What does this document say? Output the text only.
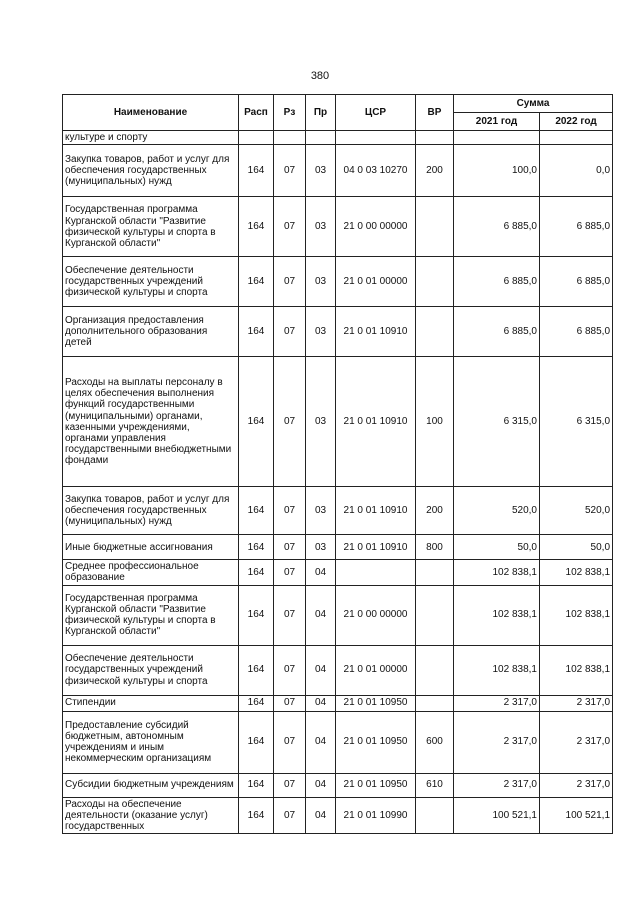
380
Наименование	Расп	Рз	Пр	ЦСР	ВР	Сумма	
						2021 год	2022 год
культуре и спорту							
Закупка товаров, работ и услуг для обеспечения государственных (муниципальных) нужд	164	07	03	04 0 03 10270	200	100,0	0,0
Государственная программа Курганской области "Развитие физической культуры и спорта в Курганской области"	164	07	03	21 0 00 00000		6 885,0	6 885,0
Обеспечение деятельности государственных учреждений физической культуры и спорта	164	07	03	21 0 01 00000		6 885,0	6 885,0
Организация предоставления дополнительного образования детей	164	07	03	21 0 01 10910		6 885,0	6 885,0
Расходы на выплаты персоналу в целях обеспечения выполнения функций государственными (муниципальными) органами, казенными учреждениями, органами управления государственными внебюджетными фондами	164	07	03	21 0 01 10910	100	6 315,0	6 315,0
Закупка товаров, работ и услуг для обеспечения государственных (муниципальных) нужд	164	07	03	21 0 01 10910	200	520,0	520,0
Иные бюджетные ассигнования	164	07	03	21 0 01 10910	800	50,0	50,0
Среднее профессиональное образование	164	07	04			102 838,1	102 838,1
Государственная программа Курганской области "Развитие физической культуры и спорта в Курганской области"	164	07	04	21 0 00 00000		102 838,1	102 838,1
Обеспечение деятельности государственных учреждений физической культуры и спорта	164	07	04	21 0 01 00000		102 838,1	102 838,1
Стипендии	164	07	04	21 0 01 10950		2 317,0	2 317,0
Предоставление субсидий бюджетным, автономным учреждениям и иным некоммерческим организациям	164	07	04	21 0 01 10950	600	2 317,0	2 317,0
Субсидии бюджетным учреждениям	164	07	04	21 0 01 10950	610	2 317,0	2 317,0
Расходы на обеспечение деятельности (оказание услуг) государственных	164	07	04	21 0 01 10990		100 521,1	100 521,1
